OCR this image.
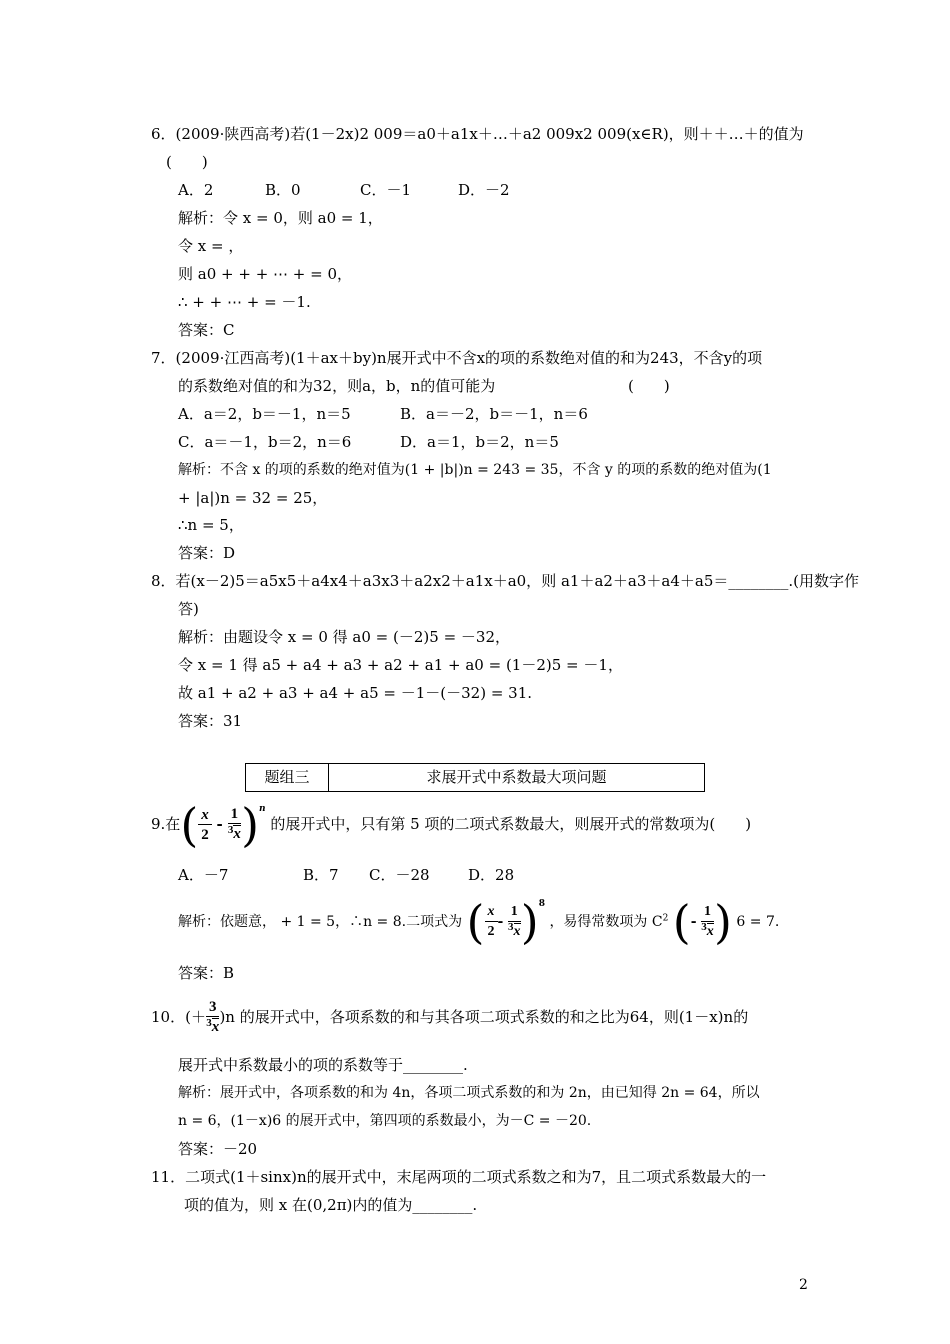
6．(2009·陕西高考)若(1－2x)2 009＝a0＋a1x＋…＋a2 009x2 009(x∈R)，则＋＋…＋的值为
(　　)
A．2	B．0	C．－1	D．－2
解析：令 x = 0，则 a0 = 1，
令 x = ，
则 a0 + + + ⋯ + = 0，
∴ + + ⋯ + = －1.
答案：C
7．(2009·江西高考)(1＋ax＋by)n展开式中不含x的项的系数绝对值的和为243，不含y的项
的系数绝对值的和为32，则a，b，n的值可能为	(　　)
A．a＝2，b＝－1，n＝5	B．a＝－2，b＝－1，n＝6
C．a＝－1，b＝2，n＝6	D．a＝1，b＝2，n＝5
解析：不含 x 的项的系数的绝对值为(1 + |b|)n = 243 = 35，不含 y 的项的系数的绝对值为(1
+ |a|)n = 32 = 25，
∴n = 5，
答案：D
8．若(x－2)5＝a5x5＋a4x4＋a3x3＋a2x2＋a1x＋a0，则 a1＋a2＋a3＋a4＋a5＝________.(用数字作
答)
解析：由题设令 x = 0 得 a0 = (－2)5 = －32，
令 x = 1 得 a5 + a4 + a3 + a2 + a1 + a0 = (1－2)5 = －1，
故 a1 + a2 + a3 + a4 + a5 = －1－(－32) = 31.
答案：31
题组三	求展开式中系数最大项问题
9.在( $\frac{x}{2} - \frac{1}{^3x} )^n$ 的展开式中，只有第 5 项的二项式系数最大，则展开式的常数项为(　　)
A．－7	B．7 C．－28	D．28
解析：依题意， + 1 = 5，∴n = 8.二项式为 ( $\frac{x}{2} - \frac{1}{^3x} )^8$ ，易得常数项为 $C^2$ (- $\frac{1}{^3x}$ ) 6 = 7.
答案：B
10．(＋ $\frac{3}{^3x} )n$ 的展开式中，各项系数的和与其各项二项式系数的和之比为64，则(1－x)n的
展开式中系数最小的项的系数等于________.
解析：展开式中，各项系数的和为 4n，各项二项式系数的和为 2n，由已知得 2n = 64，所以
n = 6，(1－x)6 的展开式中，第四项的系数最小，为－C = －20.
答案：－20
11．二项式(1＋sinx)n的展开式中，末尾两项的二项式系数之和为7，且二项式系数最大的一
项的值为，则 x 在(0,2π)内的值为________.
2
